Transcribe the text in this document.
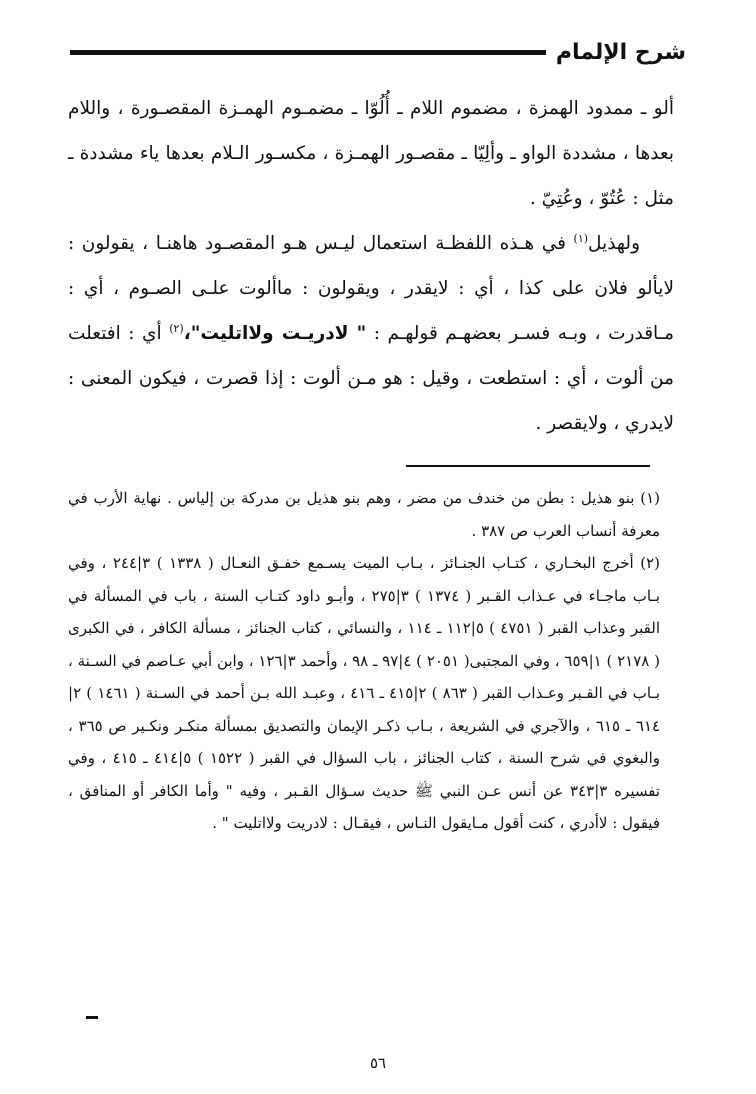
شرح الإلمام

ألو ـ ممدود الهمزة ، مضموم اللام ـ أُلُوّا ـ مضمـوم الهمـزة المقصـورة ، واللام بعدها ، مشددة الواو ـ وألِيّا ـ مقصـور الهمـزة ، مكسـور الـلام بعدها ياء مشددة ـ مثل : عُتُوّ ، وعُتِيّ .

ولهذيل$^{(١)}$ في هـذه اللفظـة استعمال ليـس هـو المقصـود هاهنـا ، يقولون : لايألو فلان على كذا ، أي : لايقدر ، ويقولون : ماألوت علـى الصـوم ، أي : مـاقدرت ، وبـه فسـر بعضهـم قولهـم : " لادريـت ولااتليت"،$^{(٢)}$ أي : افتعلت من ألوت ، أي : استطعت ، وقيل : هو مـن ألوت : إذا قصرت ، فيكون المعنى : لايدري ، ولايقصر .

(١) بنو هذيل : بطن من خندف من مضر ، وهم بنو هذيل بن مدركة بن إلياس . نهاية الأرب في معرفة أنساب العرب ص ٣٨٧ .

(٢) أخرج البخـاري ، كتـاب الجنـائز ، بـاب الميت يسـمع خفـق النعـال ( ١٣٣٨ ) ٣|٢٤٤ ، وفي بـاب ماجـاء في عـذاب القـبر ( ١٣٧٤ ) ٣|٢٧٥ ، وأبـو داود كتـاب السنة ، باب في المسألة في القبر وعذاب القبر ( ٤٧٥١ ) ٥|١١٢ ـ ١١٤ ، والنسائي ، كتاب الجنائز ، مسألة الكافر ، في الكبرى ( ٢١٧٨ ) ١|٦٥٩ ، وفي المجتبى( ٢٠٥١ ) ٤|٩٧ ـ ٩٨ ، وأحمد ٣|١٢٦ ، وابن أبي عـاصم في السـنة ، بـاب في القـبر وعـذاب القبر ( ٨٦٣ ) ٢|٤١٥ ـ ٤١٦ ، وعبـد الله بـن أحمد في السـنة ( ١٤٦١ ) ٢|٦١٤ ـ ٦١٥ ، والآجري في الشريعة ، بـاب ذكـر الإيمان والتصديق بمسألة منكـر ونكـير ص ٣٦٥ ، والبغوي في شرح السنة ، كتاب الجنائز ، باب السؤال في القبر ( ١٥٢٢ ) ٥|٤١٤ ـ ٤١٥ ، وفي تفسيره ٣|٣٤٣ عن أنس عـن النبي ﷺ حديث سـؤال القـبر ، وفيه " وأما الكافر أو المنافق ، فيقول : لاأدري ، كنت أقول مـايقول النـاس ، فيقـال : لادريت ولااتليت " .

٥٦
